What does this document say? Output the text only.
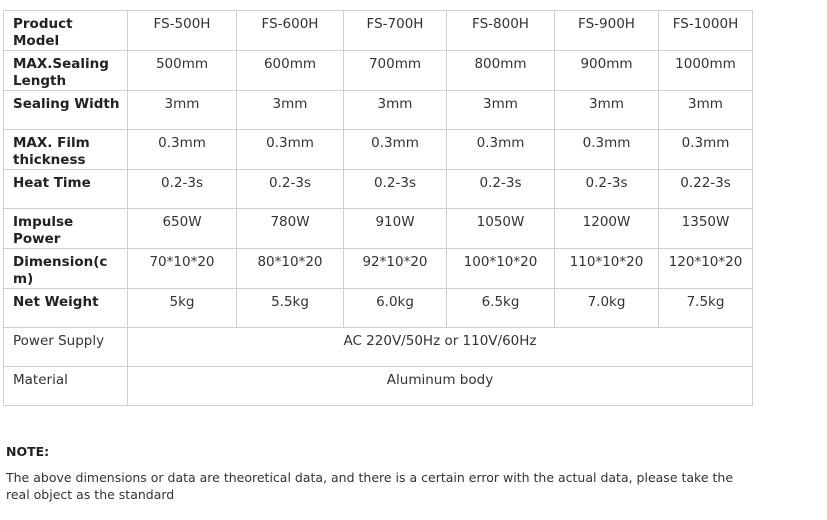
Product Model	FS-500H	FS-600H	FS-700H	FS-800H	FS-900H	FS-1000H
MAX.Sealing Length	500mm	600mm	700mm	800mm	900mm	1000mm
Sealing Width	3mm	3mm	3mm	3mm	3mm	3mm
MAX. Film thickness	0.3mm	0.3mm	0.3mm	0.3mm	0.3mm	0.3mm
Heat Time	0.2-3s	0.2-3s	0.2-3s	0.2-3s	0.2-3s	0.22-3s
Impulse Power	650W	780W	910W	1050W	1200W	1350W
Dimension(cm)	70*10*20	80*10*20	92*10*20	100*10*20	110*10*20	120*10*20
Net Weight	5kg	5.5kg	6.0kg	6.5kg	7.0kg	7.5kg
Power Supply	AC 220V/50Hz or 110V/60Hz					
Material	Aluminum body					
NOTE:
The above dimensions or data are theoretical data, and there is a certain error with the actual data, please take the real object as the standard
